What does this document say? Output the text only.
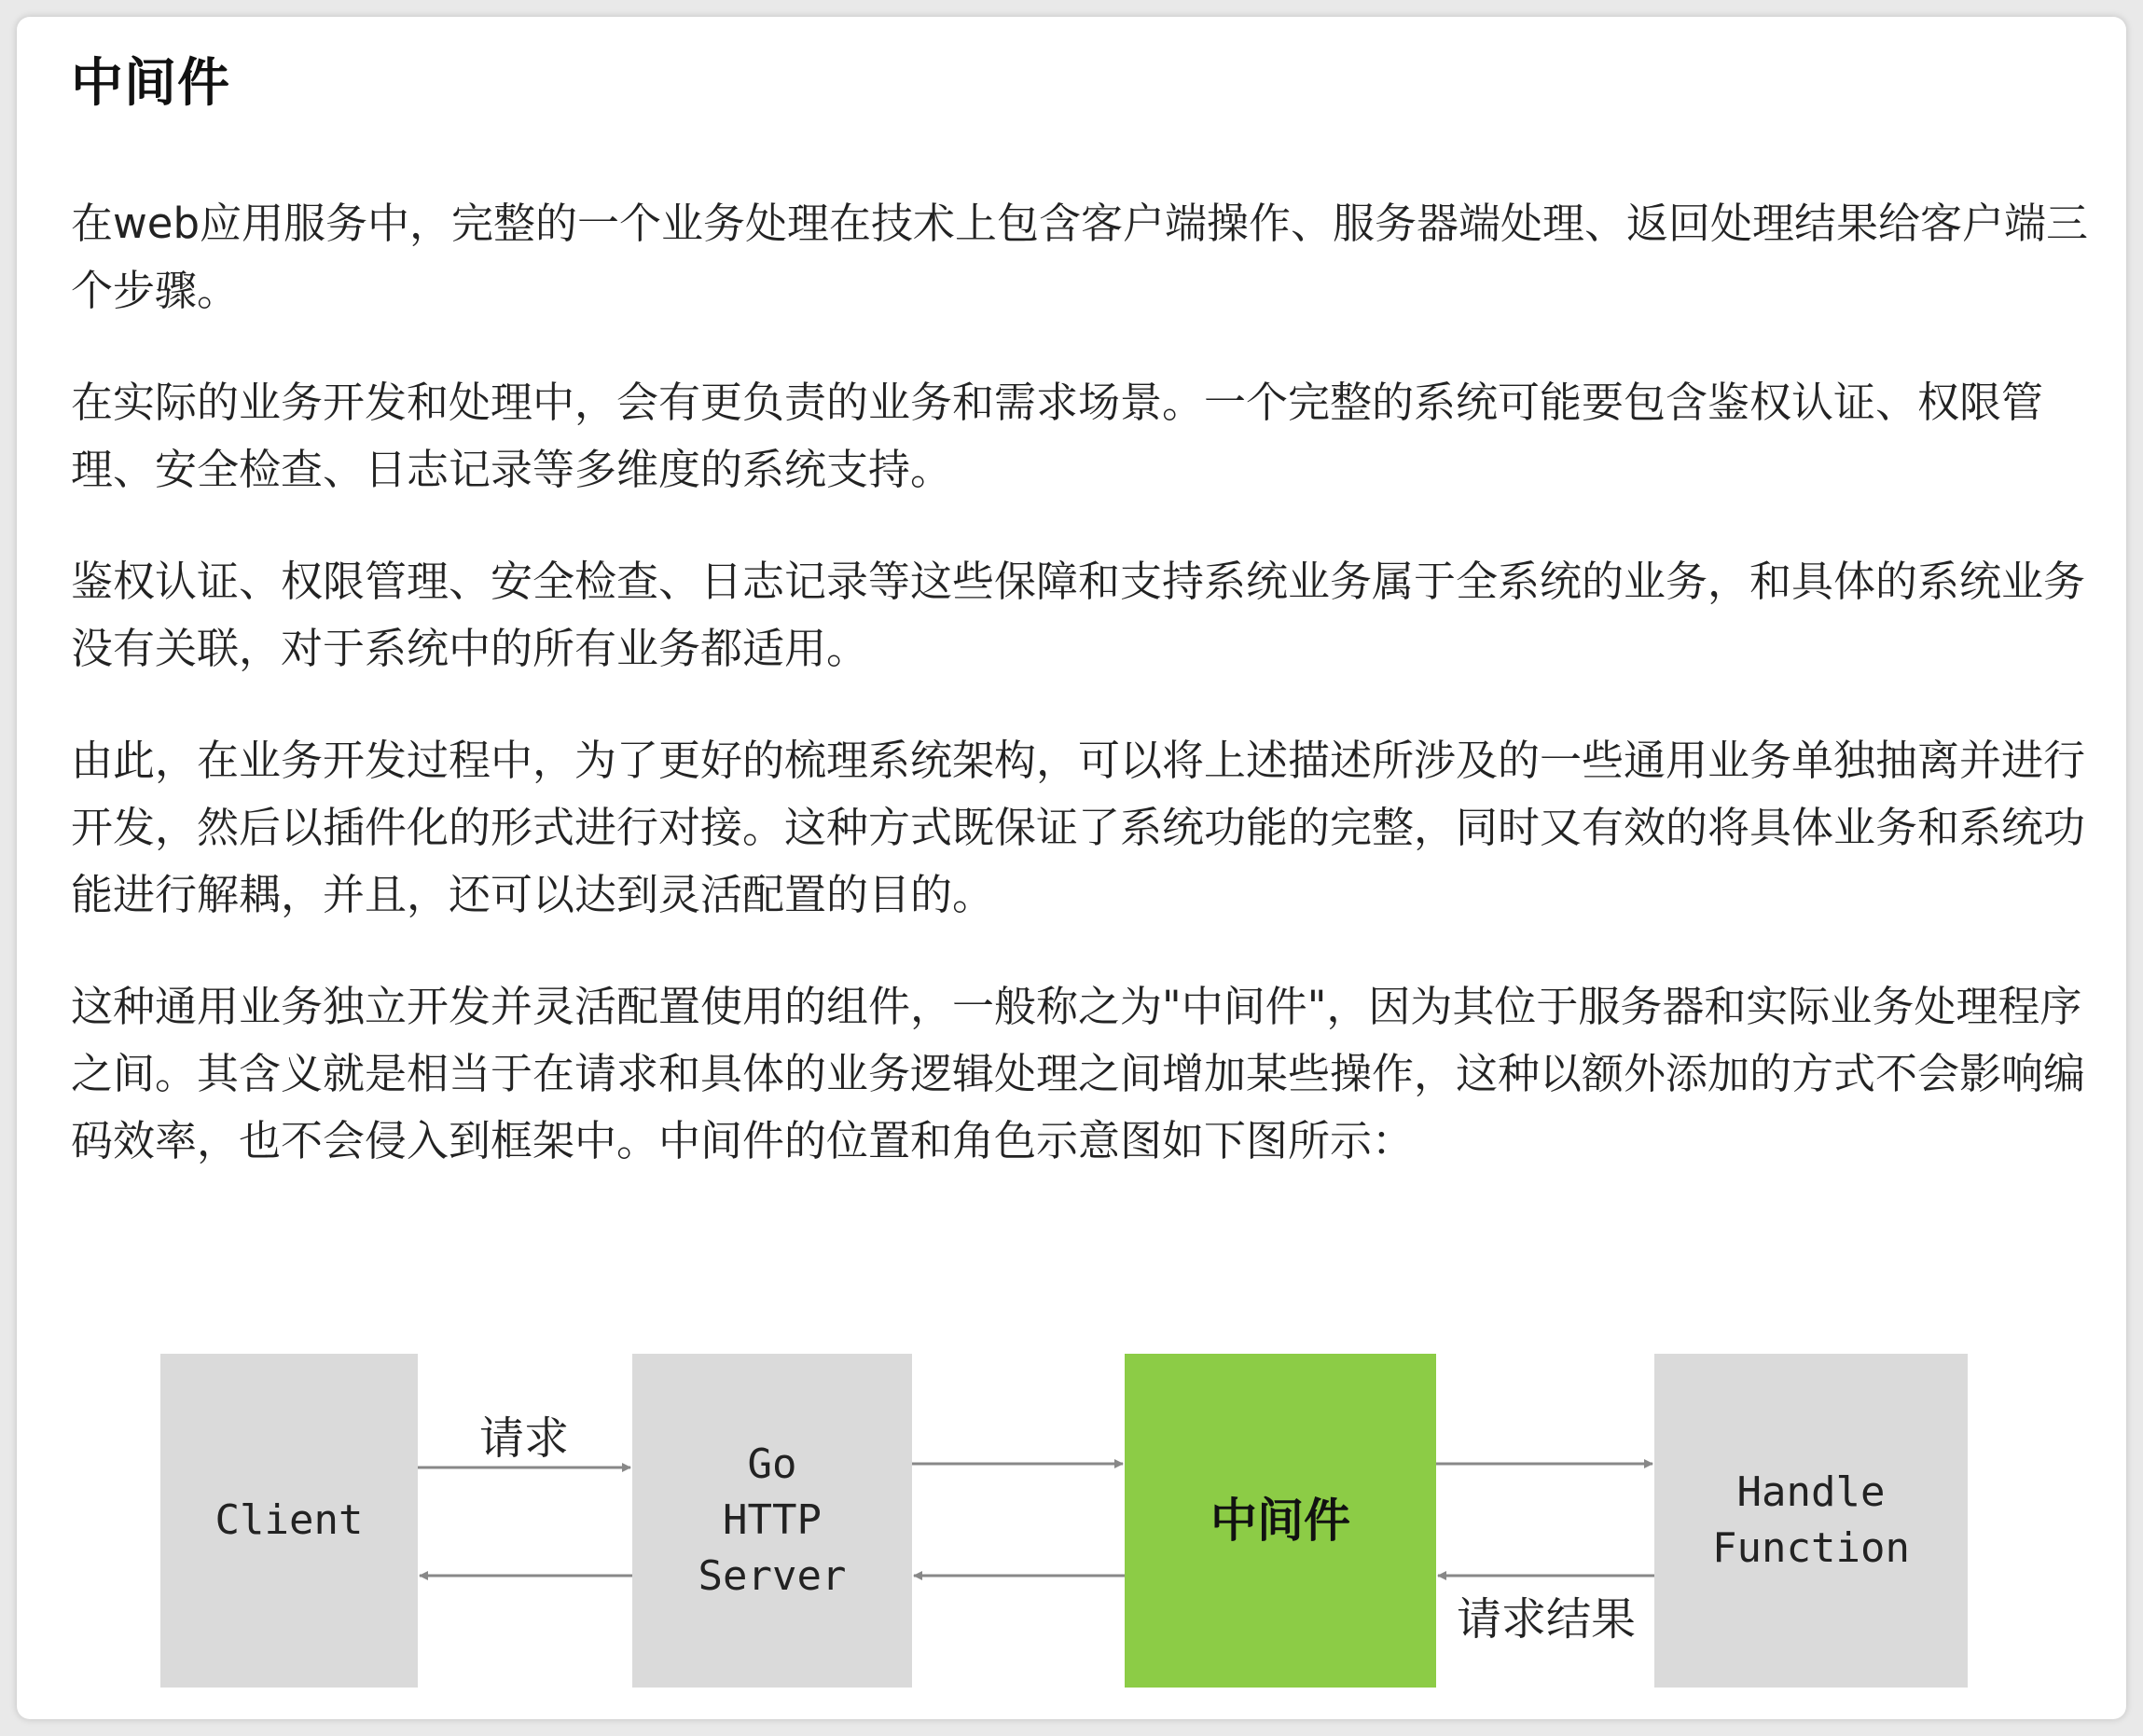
中间件

在web应用服务中，完整的一个业务处理在技术上包含客户端操作、服务器端处理、返回处理结果给客户端三个步骤。

在实际的业务开发和处理中，会有更负责的业务和需求场景。一个完整的系统可能要包含鉴权认证、权限管理、安全检查、日志记录等多维度的系统支持。

鉴权认证、权限管理、安全检查、日志记录等这些保障和支持系统业务属于全系统的业务，和具体的系统业务没有关联，对于系统中的所有业务都适用。

由此，在业务开发过程中，为了更好的梳理系统架构，可以将上述描述所涉及的一些通用业务单独抽离并进行开发，然后以插件化的形式进行对接。这种方式既保证了系统功能的完整，同时又有效的将具体业务和系统功能进行解耦，并且，还可以达到灵活配置的目的。

这种通用业务独立开发并灵活配置使用的组件，一般称之为"中间件"，因为其位于服务器和实际业务处理程序之间。其含义就是相当于在请求和具体的业务逻辑处理之间增加某些操作，这种以额外添加的方式不会影响编码效率，也不会侵入到框架中。中间件的位置和角色示意图如下图所示：

Client
Go
HTTP
Server
中间件
Handle
Function
请求
请求结果
